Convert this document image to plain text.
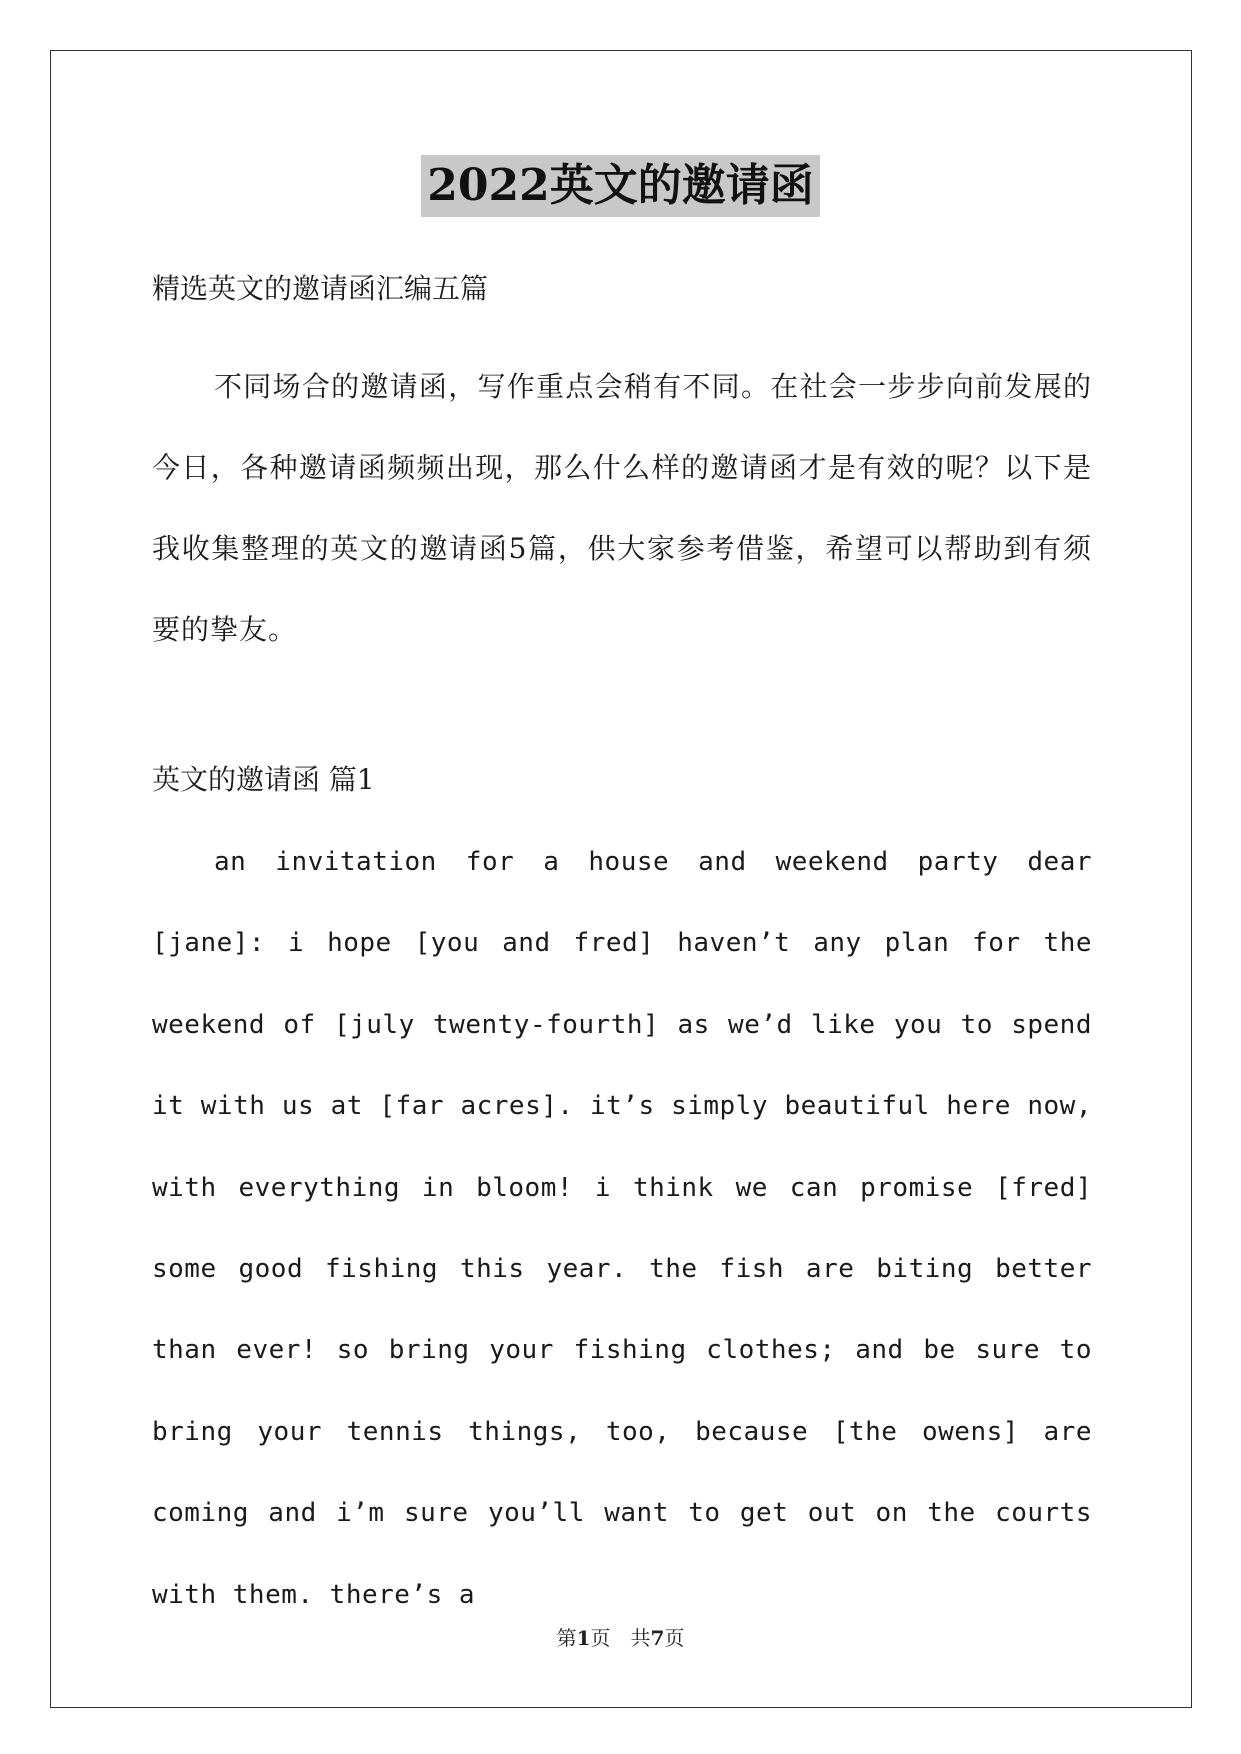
2022英文的邀请函
精选英文的邀请函汇编五篇
不同场合的邀请函，写作重点会稍有不同。在社会一步步向前发展的今日，各种邀请函频频出现，那么什么样的邀请函才是有效的呢？以下是我收集整理的英文的邀请函5篇，供大家参考借鉴，希望可以帮助到有须要的挚友。
英文的邀请函 篇1
an invitation for a house and weekend party dear [jane]: i hope [you and fred] haven’t any plan for the weekend of [july twenty-fourth] as we’d like you to spend it with us at [far acres]. it’s simply beautiful here now, with everything in bloom! i think we can promise [fred] some good fishing this year. the fish are biting better than ever! so bring your fishing clothes; and be sure to bring your tennis things, too, because [the owens] are coming and i’m sure you’ll want to get out on the courts with them. there’s a
第1页 共7页
